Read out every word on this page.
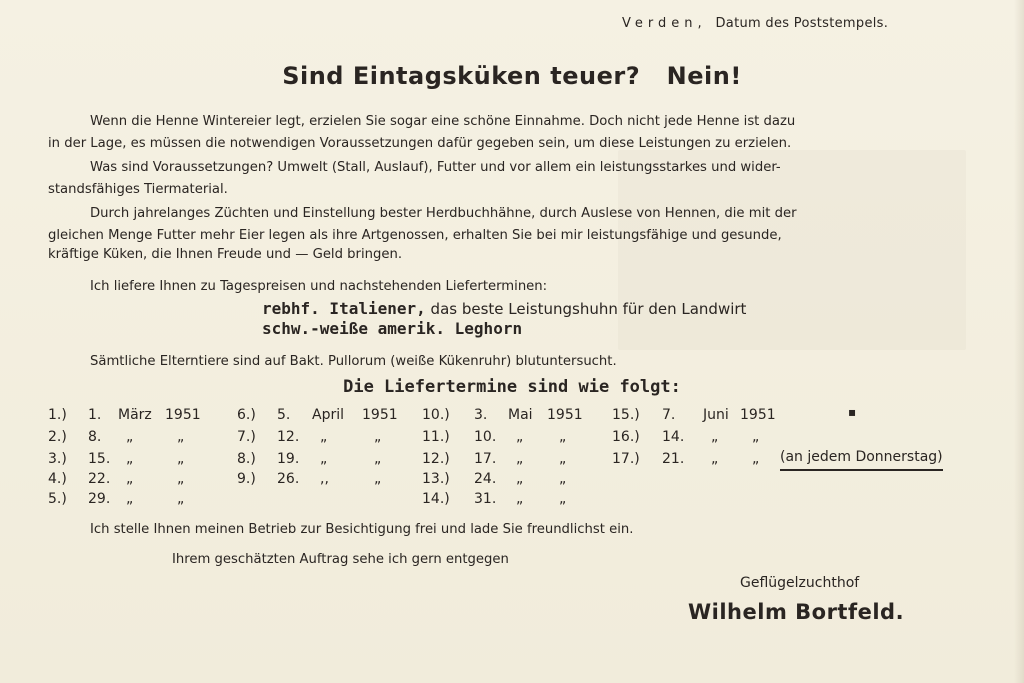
Verden, Datum des Poststempels.
Sind Eintagsküken teuer?   Nein!
Wenn die Henne Wintereier legt, erzielen Sie sogar eine schöne Einnahme. Doch nicht jede Henne ist dazu
in der Lage, es müssen die notwendigen Voraussetzungen dafür gegeben sein, um diese Leistungen zu erzielen.
Was sind Voraussetzungen? Umwelt (Stall, Auslauf), Futter und vor allem ein leistungsstarkes und wider-
standsfähiges Tiermaterial.
Durch jahrelanges Züchten und Einstellung bester Herdbuchhähne, durch Auslese von Hennen, die mit der
gleichen Menge Futter mehr Eier legen als ihre Artgenossen, erhalten Sie bei mir leistungsfähige und gesunde,
kräftige Küken, die Ihnen Freude und — Geld bringen.
Ich liefere Ihnen zu Tagespreisen und nachstehenden Lieferterminen:
rebhf. Italiener, das beste Leistungshuhn für den Landwirt
schw.-weiße amerik. Leghorn
Sämtliche Elterntiere sind auf Bakt. Pullorum (weiße Kükenruhr) blutuntersucht.
Die Liefertermine sind wie folgt:
1.) 1. März 1951
2.) 8. „	„
3.) 15. „	„
4.) 22. „	„
5.) 29. „	„
6.) 5. April 1951
7.) 12. „	„
8.) 19. „	„
9.) 26. ,,	„
10.) 3. Mai 1951
11.) 10. „	„
12.) 17. „	„
13.) 24. „	„
14.) 31. „	„
15.) 7. Juni 1951
16.) 14. „ „
17.) 21. „ „
▪
(an jedem Donnerstag)
Ich stelle Ihnen meinen Betrieb zur Besichtigung frei und lade Sie freundlichst ein.
Ihrem geschätzten Auftrag sehe ich gern entgegen
Geflügelzuchthof
Wilhelm Bortfeld.
